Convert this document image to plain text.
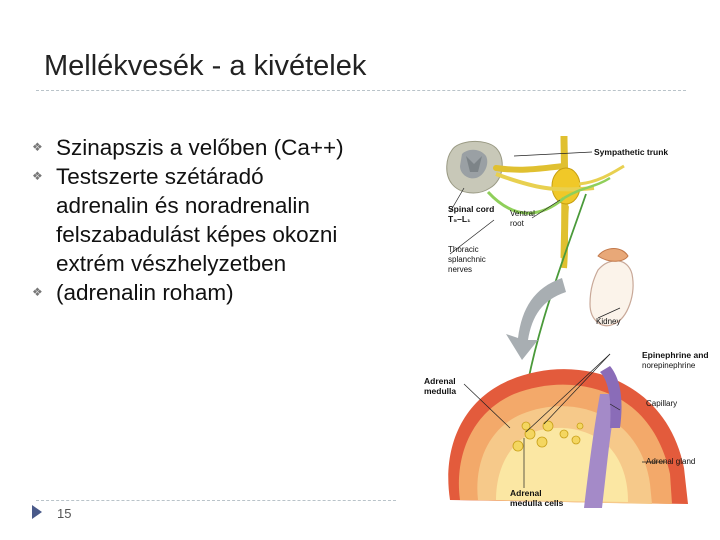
Mellékvesék - a kivételek
❖ Szinapszis a velőben (Ca++)
❖ Testszerte szétáradó
adrenalin és noradrenalin
felszabadulást képes okozni
extrém vészhelyzetben
❖ (adrenalin roham)
15
Sympathetic trunk
Spinal cord
T₅–L₁
Ventral
root
Thoracic
splanchnic
nerves
Kidney
Epinephrine and
norepinephrine
Adrenal
medulla
Capillary
Adrenal gland
Adrenal
medulla cells
